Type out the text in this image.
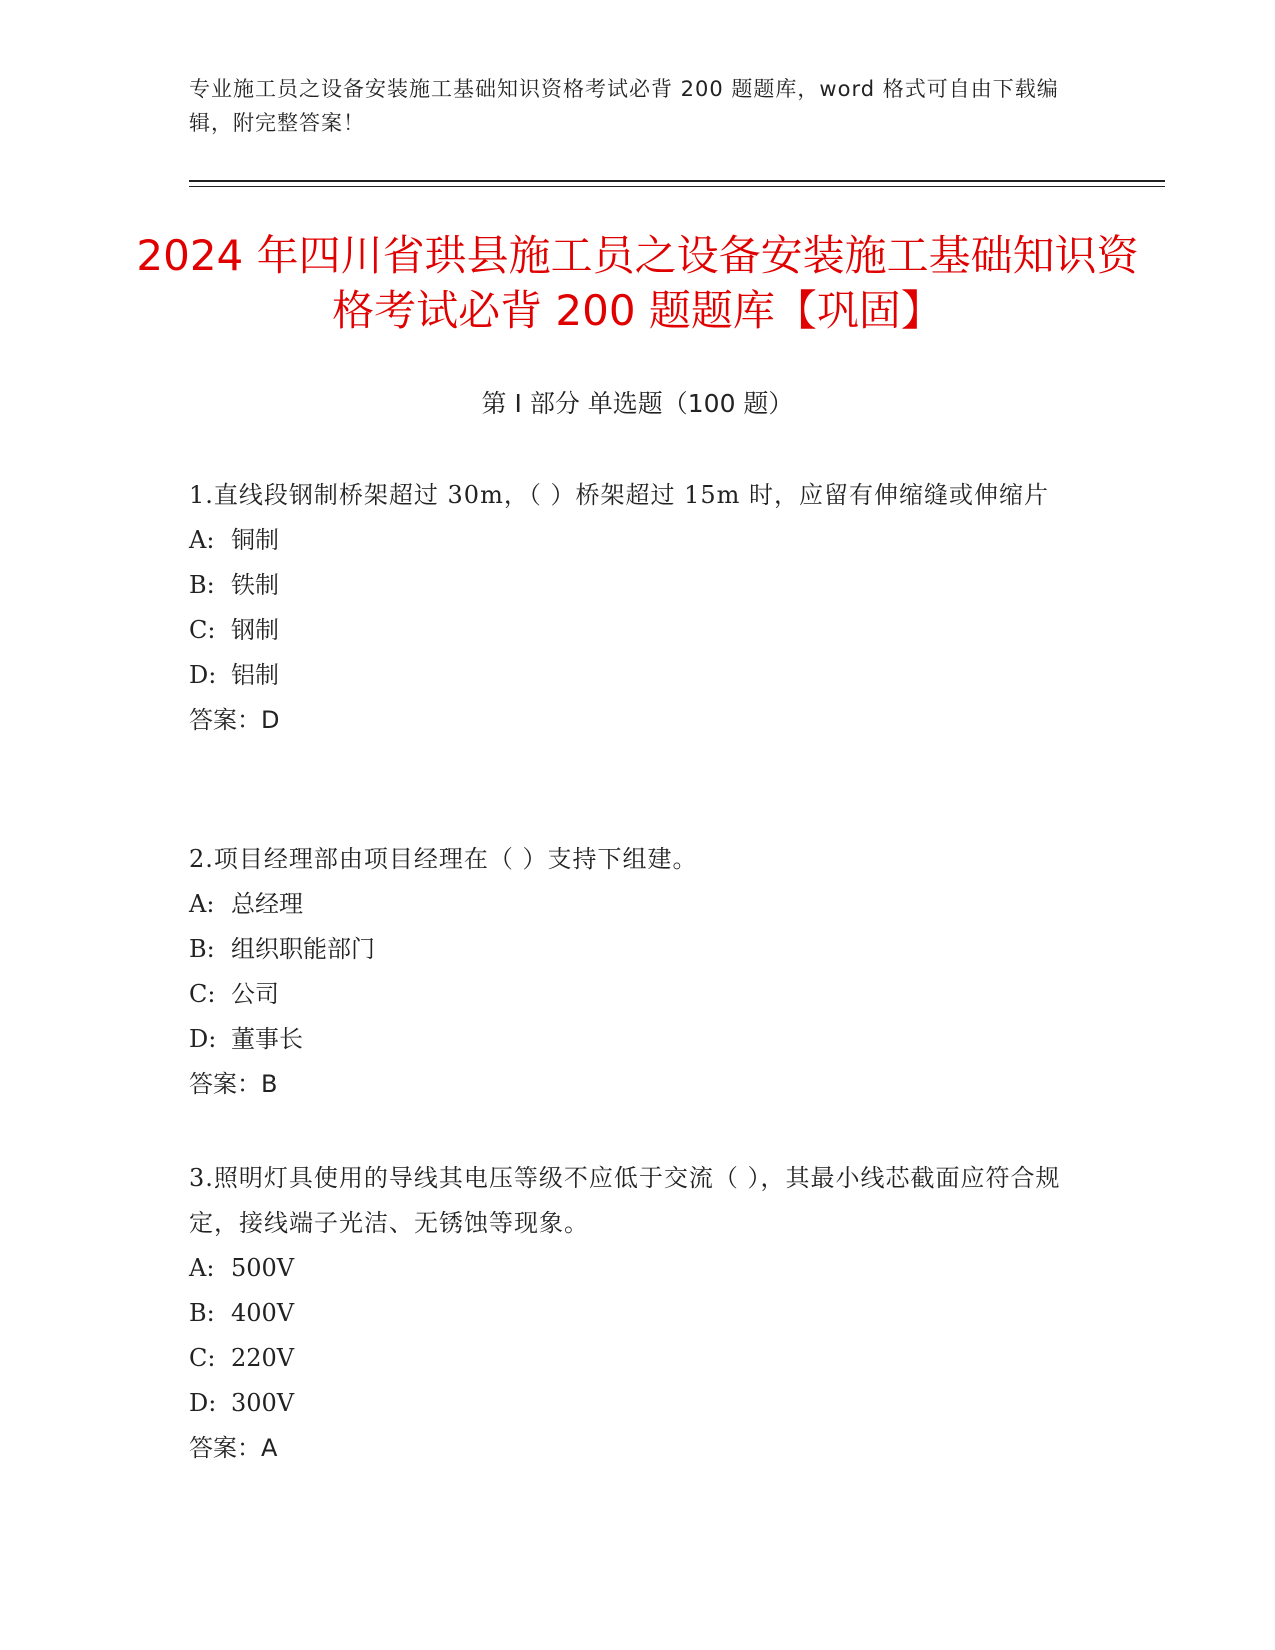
专业施工员之设备安装施工基础知识资格考试必背 200 题题库，word 格式可自由下载编辑，附完整答案！
2024 年四川省珙县施工员之设备安装施工基础知识资格考试必背 200 题题库【巩固】
第 I 部分 单选题（100 题）
1.直线段钢制桥架超过 30m，（ ）桥架超过 15m 时，应留有伸缩缝或伸缩片
A: 铜制
B: 铁制
C: 钢制
D: 铝制
答案：D
2.项目经理部由项目经理在（ ）支持下组建。
A: 总经理
B: 组织职能部门
C: 公司
D: 董事长
答案：B
3.照明灯具使用的导线其电压等级不应低于交流（ ），其最小线芯截面应符合规定，接线端子光洁、无锈蚀等现象。
A: 500V
B: 400V
C: 220V
D: 300V
答案：A
